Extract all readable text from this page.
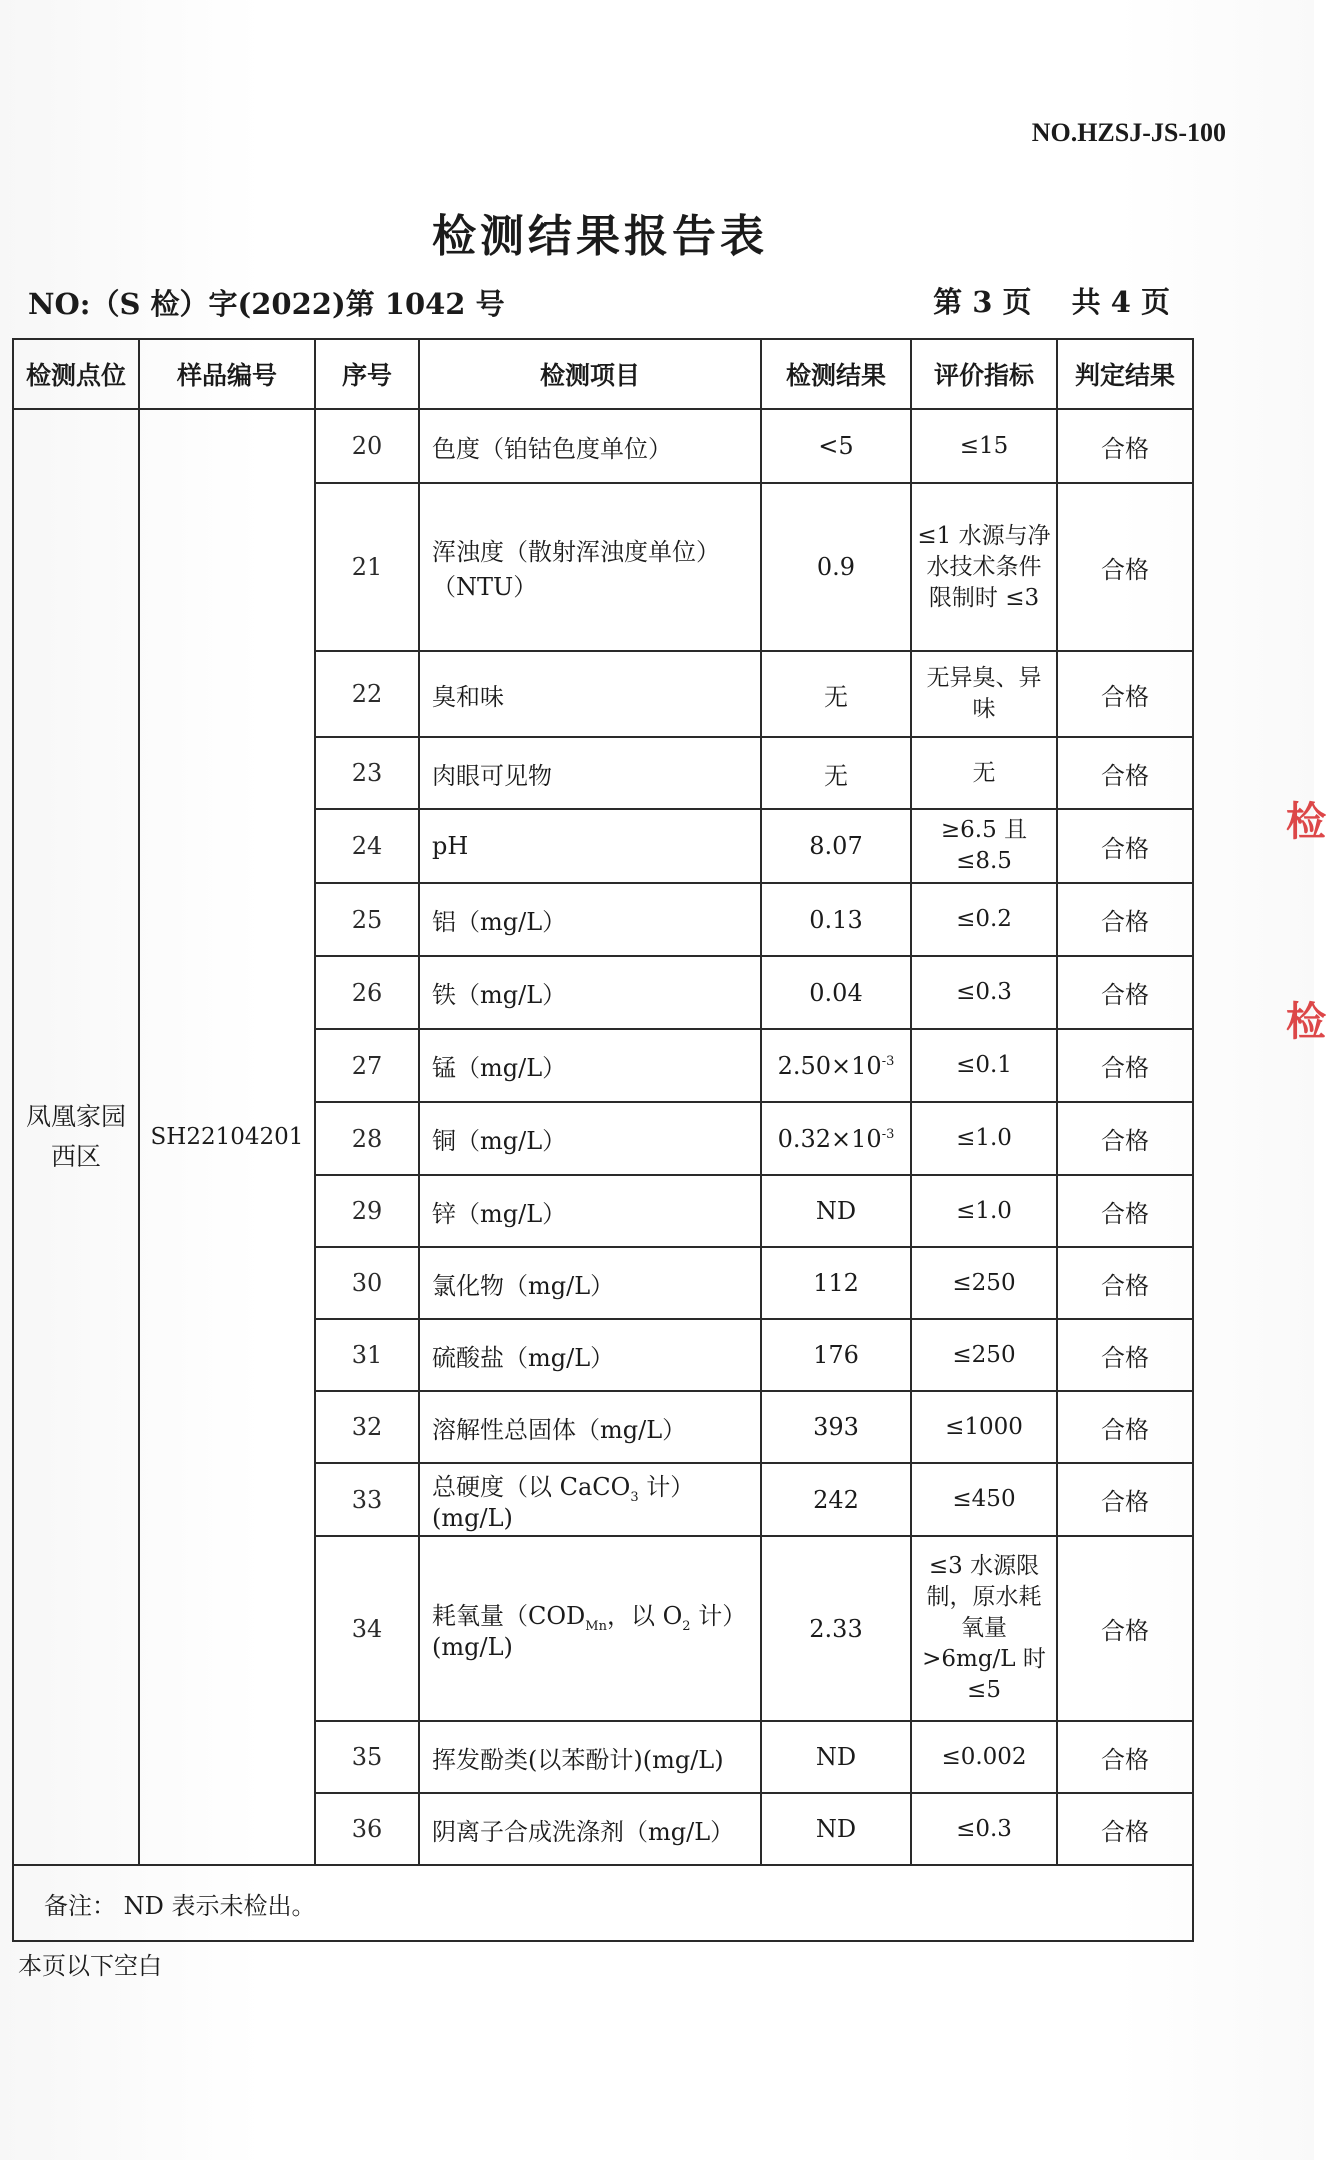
NO.HZSJ-JS-100
检测结果报告表
NO:（S 检）字(2022)第 1042 号	第 3 页 共 4 页
检测点位	样品编号	序号	检测项目	检测结果	评价指标	判定结果
凤凰家园西区	SH22104201	20	色度（铂钴色度单位）	<5	≤15	合格
		21	浑浊度（散射浑浊度单位）（NTU）	0.9	≤1 水源与净水技术条件限制时 ≤3	合格
		22	臭和味	无	无异臭、异味	合格
		23	肉眼可见物	无	无	合格
		24	pH	8.07	≥6.5 且 ≤8.5	合格
		25	铝（mg/L）	0.13	≤0.2	合格
		26	铁（mg/L）	0.04	≤0.3	合格
		27	锰（mg/L）	$2.50\times 10^{-3}$	≤0.1	合格
		28	铜（mg/L）	$0.32\times 10^{-3}$	≤1.0	合格
		29	锌（mg/L）	ND	≤1.0	合格
		30	氯化物（mg/L）	112	≤250	合格
		31	硫酸盐（mg/L）	176	≤250	合格
		32	溶解性总固体（mg/L）	393	≤1000	合格
		33	总硬度（以 CaCO$_3$ 计）(mg/L)	242	≤450	合格
		34	耗氧量（$COD_{Mn}$，以 $O_2$ 计）(mg/L)	2.33	≤3 水源限制，原水耗氧量>6mg/L 时≤5	合格
		35	挥发酚类(以苯酚计)(mg/L)	ND	≤0.002	合格
		36	阴离子合成洗涤剂（mg/L）	ND	≤0.3	合格
备注： ND 表示未检出。						
本页以下空白
检
检
